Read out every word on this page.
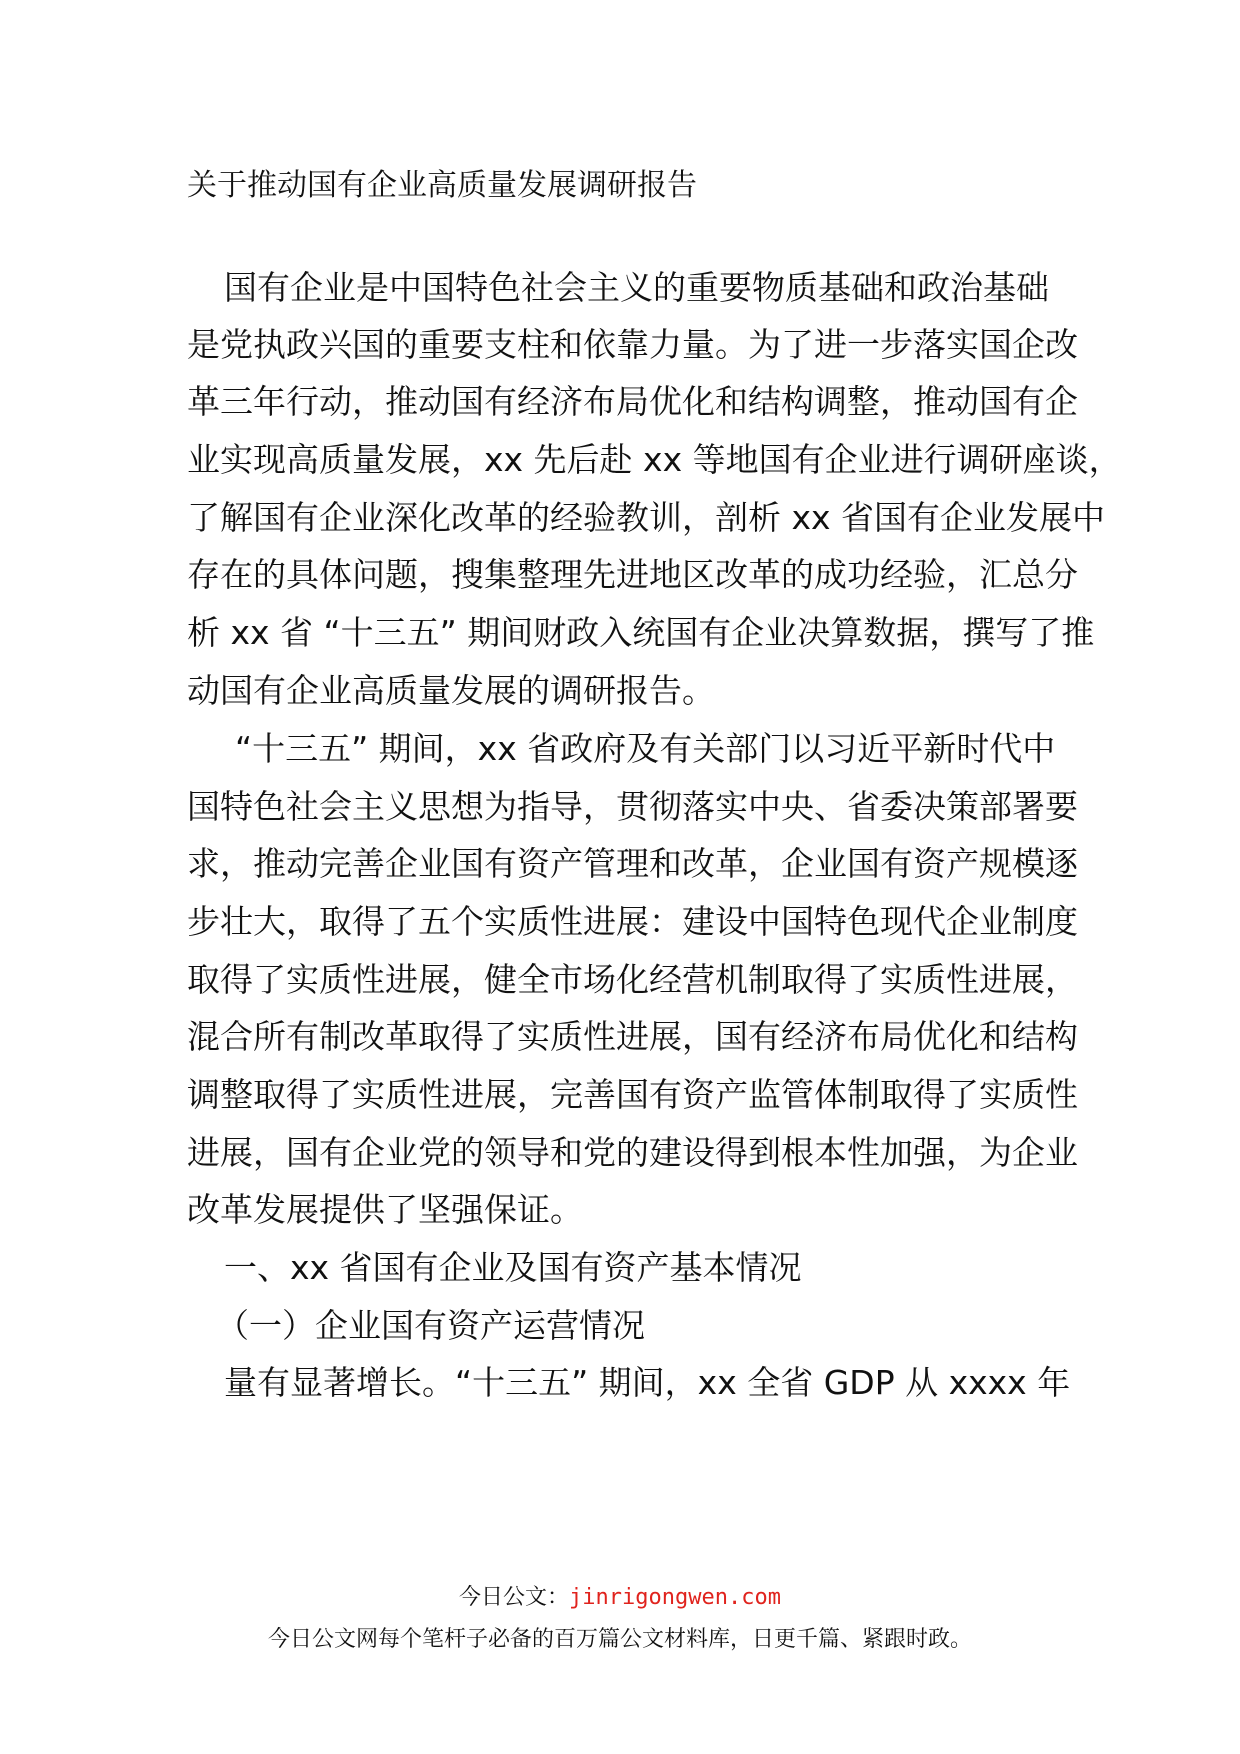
关于推动国有企业高质量发展调研报告
国有企业是中国特色社会主义的重要物质基础和政治基础
是党执政兴国的重要支柱和依靠力量。为了进一步落实国企改
革三年行动，推动国有经济布局优化和结构调整，推动国有企
业实现高质量发展，xx 先后赴 xx 等地国有企业进行调研座谈，
了解国有企业深化改革的经验教训，剖析 xx 省国有企业发展中
存在的具体问题，搜集整理先进地区改革的成功经验，汇总分
析 xx 省 “十三五” 期间财政入统国有企业决算数据，撰写了推
动国有企业高质量发展的调研报告。
“十三五” 期间，xx 省政府及有关部门以习近平新时代中
国特色社会主义思想为指导，贯彻落实中央、省委决策部署要
求，推动完善企业国有资产管理和改革，企业国有资产规模逐
步壮大，取得了五个实质性进展：建设中国特色现代企业制度
取得了实质性进展，健全市场化经营机制取得了实质性进展，
混合所有制改革取得了实质性进展，国有经济布局优化和结构
调整取得了实质性进展，完善国有资产监管体制取得了实质性
进展，国有企业党的领导和党的建设得到根本性加强，为企业
改革发展提供了坚强保证。
一、xx 省国有企业及国有资产基本情况
（一）企业国有资产运营情况
量有显著增长。“十三五” 期间，xx 全省 GDP 从 xxxx 年
今日公文：jinrigongwen.com
今日公文网每个笔杆子必备的百万篇公文材料库，日更千篇、紧跟时政。
